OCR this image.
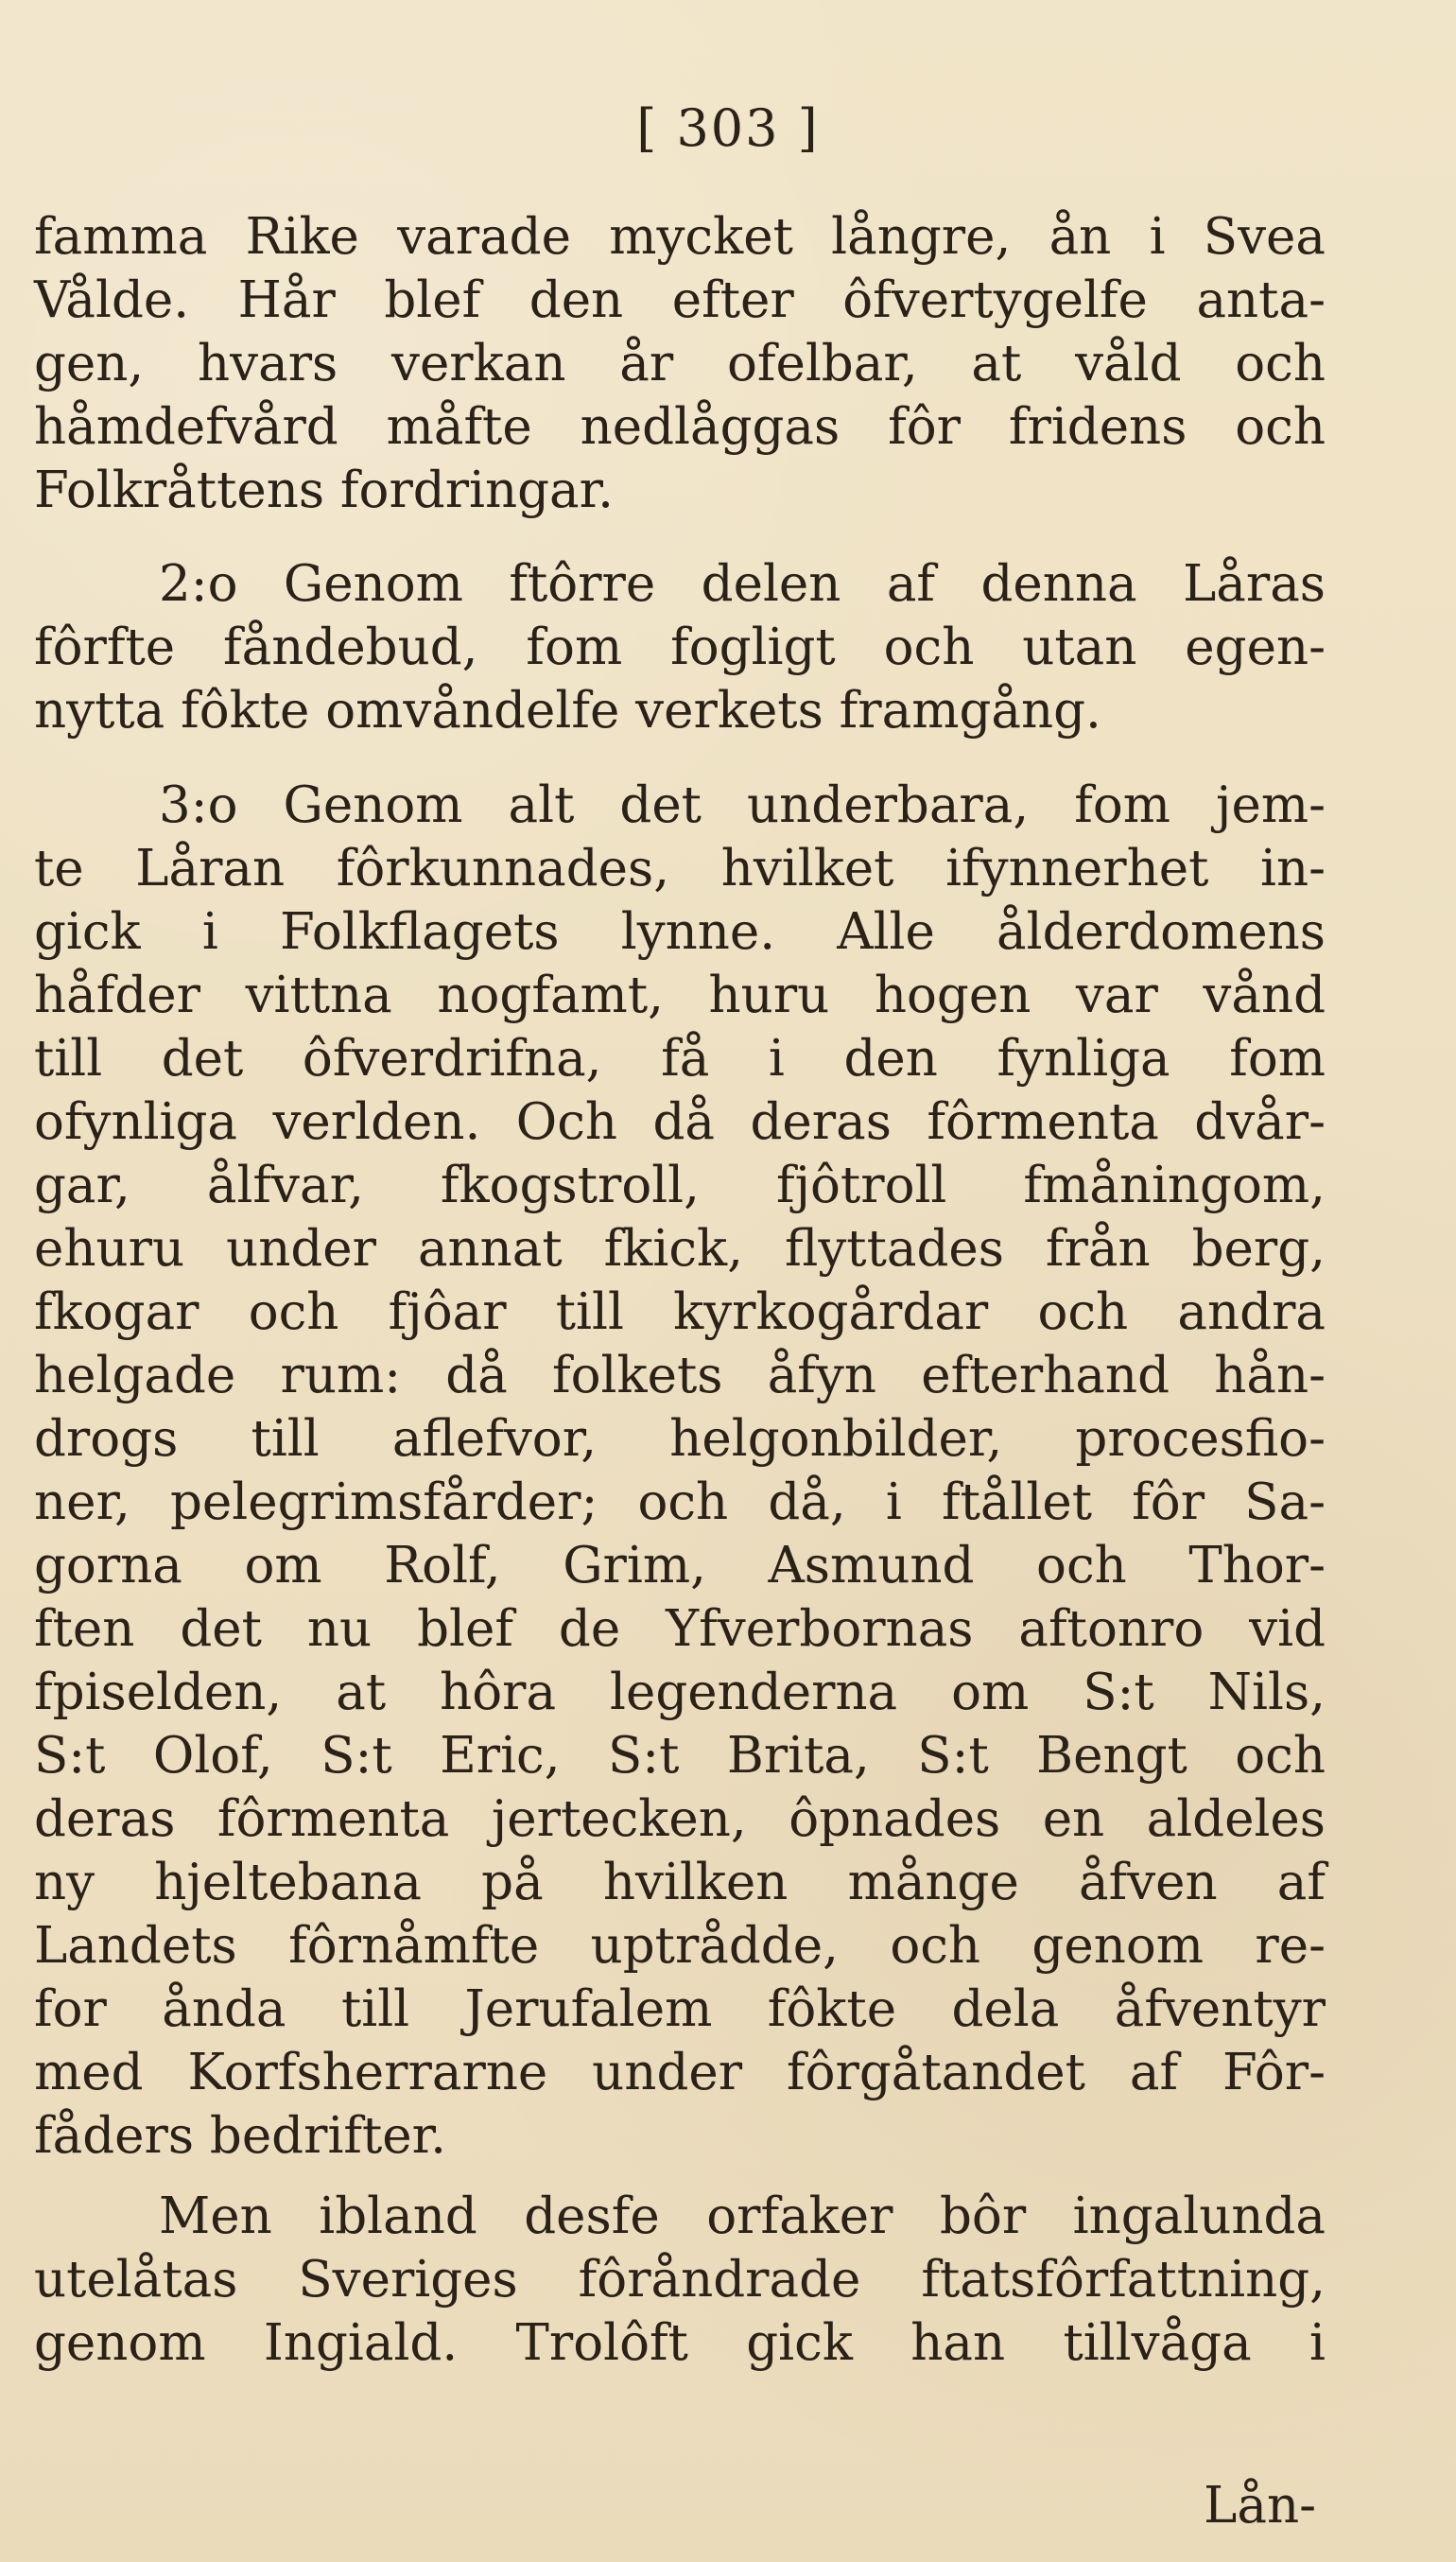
[ 303 ]
famma Rike varade mycket långre, ån i Svea
Vålde. Hår blef den efter ôfvertygelfe anta-
gen, hvars verkan år ofelbar, at våld och
håmdefvård måfte nedlåggas fôr fridens och
Folkråttens fordringar.
2:o Genom ftôrre delen af denna Låras
fôrfte fåndebud, fom fogligt och utan egen-
nytta fôkte omvåndelfe verkets framgång.
3:o Genom alt det underbara, fom jem-
te Låran fôrkunnades, hvilket ifynnerhet in-
gick i Folkflagets lynne. Alle ålderdomens
håfder vittna nogfamt, huru hogen var vånd
till det ôfverdrifna, få i den fynliga fom
ofynliga verlden. Och då deras fôrmenta dvår-
gar, ålfvar, fkogstroll, fjôtroll fmåningom,
ehuru under annat fkick, flyttades från berg,
fkogar och fjôar till kyrkogårdar och andra
helgade rum: då folkets åfyn efterhand hån-
drogs till aflefvor, helgonbilder, procesfio-
ner, pelegrimsfårder; och då, i ftållet fôr Sa-
gorna om Rolf, Grim, Asmund och Thor-
ften det nu blef de Yfverbornas aftonro vid
fpiselden, at hôra legenderna om S:t Nils,
S:t Olof, S:t Eric, S:t Brita, S:t Bengt och
deras fôrmenta jertecken, ôpnades en aldeles
ny hjeltebana på hvilken månge åfven af
Landets fôrnåmfte uptrådde, och genom re-
for ånda till Jerufalem fôkte dela åfventyr
med Korfsherrarne under fôrgåtandet af Fôr-
fåders bedrifter.
Men ibland desfe orfaker bôr ingalunda
utelåtas Sveriges fôråndrade ftatsfôrfattning,
genom Ingiald. Trolôft gick han tillvåga i
Lån-
